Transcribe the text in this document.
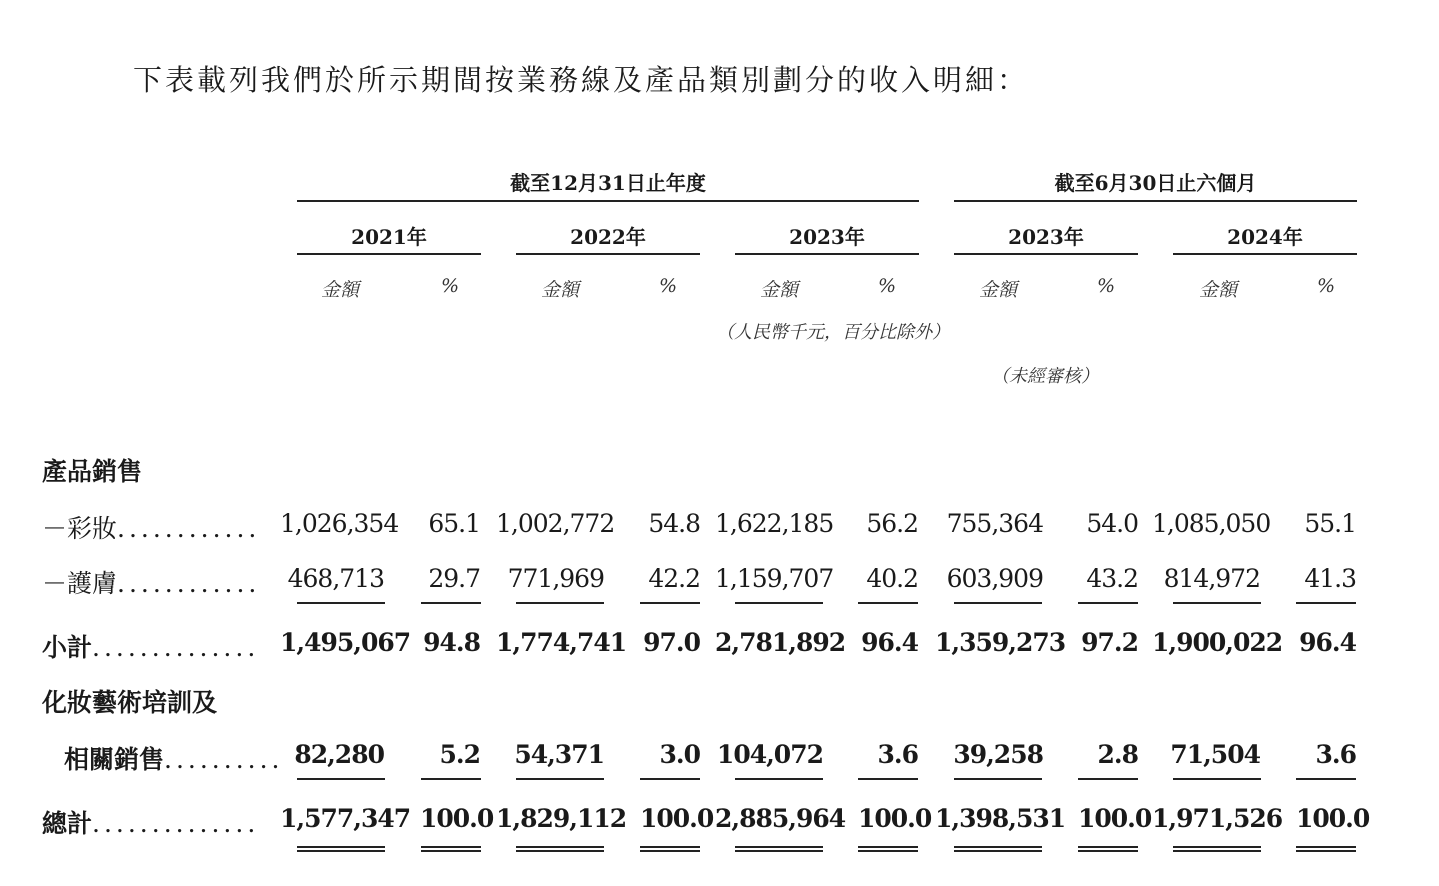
下表載列我們於所示期間按業務線及產品類別劃分的收入明細：
截至12月31日止年度	截至6月30日止六個月
2021年	2022年	2023年	2023年	2024年
金額	%	金額	%	金額	%	金額	%	金額	%
（人民幣千元，百分比除外）
（未經審核）
產品銷售
－彩妝............ 1,026,354	65.1 1,002,772	54.8 1,622,185	56.2	755,364	54.0 1,085,050	55.1
－護膚............	468,713	29.7	771,969	42.2 1,159,707	40.2	603,909	43.2	814,972	41.3
小計.............. 1,495,067 94.8 1,774,741 97.0 2,781,892 96.4 1,359,273 97.2 1,900,022 96.4
化妝藝術培訓及
相關銷售.......... 82,280	5.2	54,371	3.0 104,072	3.6	39,258	2.8	71,504	3.6
總計.............. 1,577,347 100.0 1,829,112 100.0 2,885,964 100.0 1,398,531 100.0 1,971,526 100.0
